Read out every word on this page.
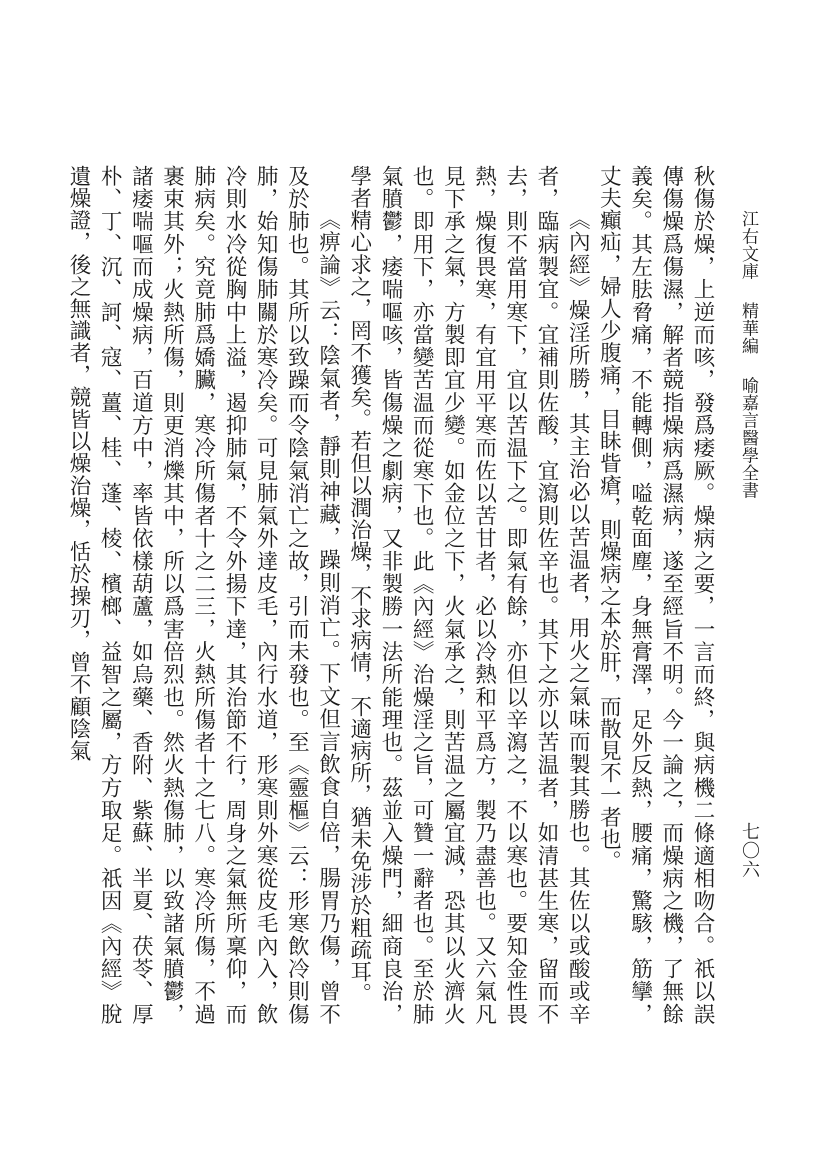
江右文庫精華編喻嘉言醫學全書
七〇六

秋傷於燥，上逆而咳，發爲痿厥。燥病之要，一言而終，與病機二條適相吻合。祇以誤傳傷燥爲傷濕，解者競指燥病爲濕病，遂至經旨不明。今一論之，而燥病之機，了無餘義矣。其左胠脅痛，不能轉側，嗌乾面塵，身無膏澤，足外反熱，腰痛，驚駭，筋攣，丈夫癲疝，婦人少腹痛，目眛眥瘡，則燥病之本於肝，而散見不一者也。

《內經》燥淫所勝，其主治必以苦温者，用火之氣味而製其勝也。其佐以或酸或辛者，臨病製宜。宜補則佐酸，宜瀉則佐辛也。其下之亦以苦温者，如清甚生寒，留而不去，則不當用寒下，宜以苦温下之。即氣有餘，亦但以辛瀉之，不以寒也。要知金性畏熱，燥復畏寒，有宜用平寒而佐以苦甘者，必以冷熱和平爲方，製乃盡善也。又六氣凡見下承之氣，方製即宜少變。如金位之下，火氣承之，則苦温之屬宜減，恐其以火濟火也。即用下，亦當變苦温而從寒下也。此《內經》治燥淫之旨，可贊一辭者也。至於肺氣膹鬱，痿喘嘔咳，皆傷燥之劇病，又非製勝一法所能理也。茲並入燥門，細商良治，學者精心求之，罔不獲矣。若但以潤治燥，不求病情，不適病所，猶未免涉於粗疏耳。

《痹論》云：陰氣者，靜則神藏，躁則消亡。下文但言飲食自倍，腸胃乃傷，曾不及於肺也。其所以致躁而令陰氣消亡之故，引而未發也。至《靈樞》云：形寒飲冷則傷肺，始知傷肺關於寒冷矣。可見肺氣外達皮毛，內行水道，形寒則外寒從皮毛內入，飲冷則水冷從胸中上溢，遏抑肺氣，不令外揚下達，其治節不行，周身之氣無所稟仰，而肺病矣。究竟肺爲嬌臟，寒冷所傷者十之二三，火熱所傷者十之七八。寒冷所傷，不過裹束其外；火熱所傷，則更消爍其中，所以爲害倍烈也。然火熱傷肺，以致諸氣膹鬱，諸痿喘嘔而成燥病，百道方中，率皆依樣葫蘆，如烏藥、香附、紫蘇、半夏、茯苓、厚朴、丁、沉、訶、寇、薑、桂、蓬、棱、檳榔、益智之屬，方方取足。祇因《內經》脫遺燥證，後之無識者，競皆以燥治燥，恬於操刃，曾不顧陰氣
